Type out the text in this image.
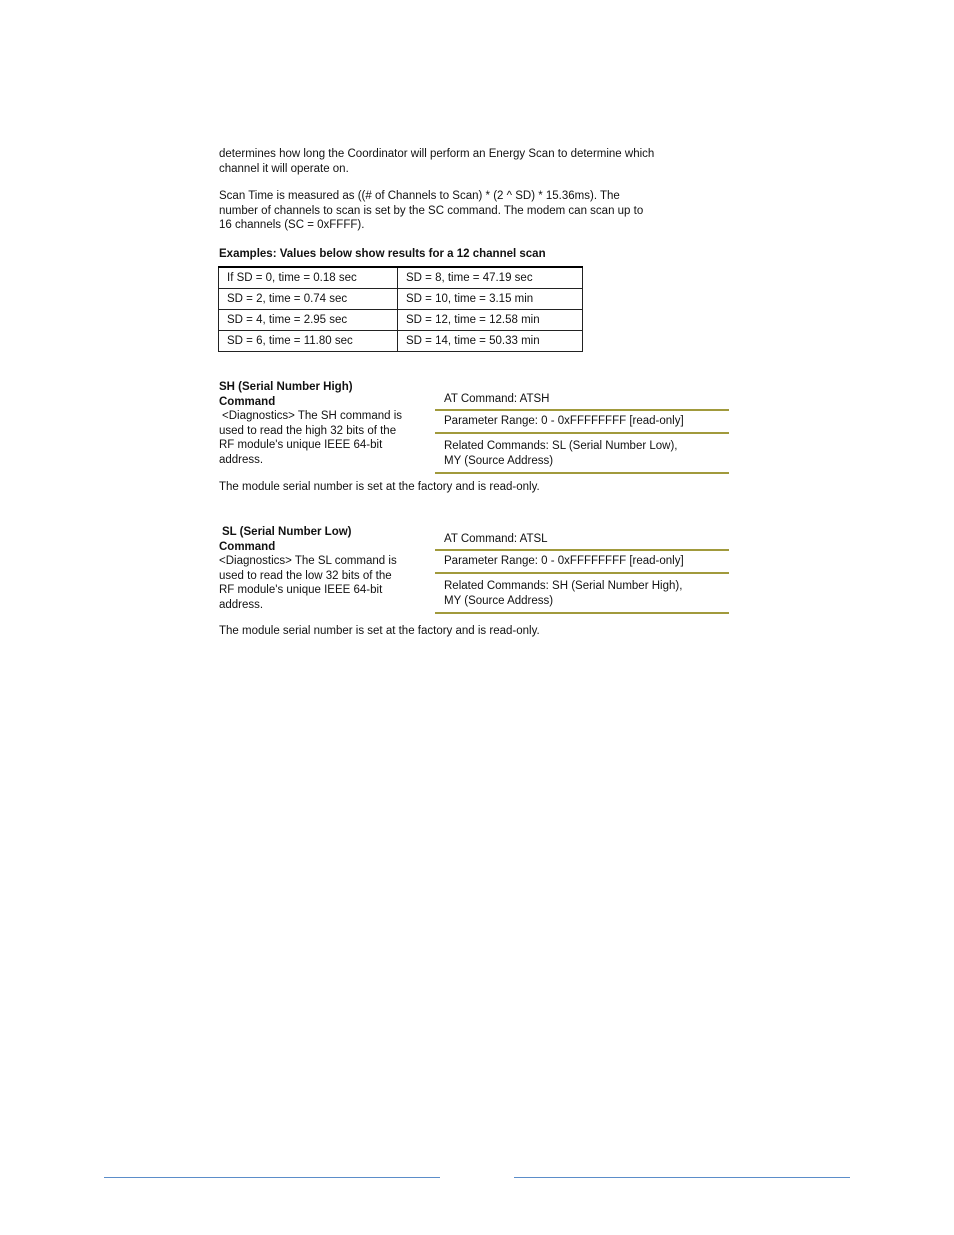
determines how long the Coordinator will perform an Energy Scan to determine which

channel it will operate on.

Scan Time is measured as ((# of Channels to Scan) * (2 ^ SD) * 15.36ms). The

number of channels to scan is set by the SC command. The modem can scan up to

16 channels (SC = 0xFFFF).

Examples: Values below show results for a 12 channel scan
If SD = 0, time = 0.18 sec	SD = 8, time = 47.19 sec
SD = 2, time = 0.74 sec	SD = 10, time = 3.15 min
SD = 4, time = 2.95 sec	SD = 12, time = 12.58 min
SD = 6, time = 11.80 sec	SD = 14, time = 50.33 min
SH (Serial Number High)
Command
<Diagnostics> The SH command is
used to read the high 32 bits of the
RF module's unique IEEE 64-bit
address.
AT Command: ATSH
Parameter Range: 0 - 0xFFFFFFFF [read-only]
Related Commands: SL (Serial Number Low),
MY (Source Address)
The module serial number is set at the factory and is read-only.
SL (Serial Number Low)
Command
<Diagnostics> The SL command is
used to read the low 32 bits of the
RF module's unique IEEE 64-bit
address.
AT Command: ATSL
Parameter Range: 0 - 0xFFFFFFFF [read-only]
Related Commands: SH (Serial Number High),
MY (Source Address)
The module serial number is set at the factory and is read-only.
